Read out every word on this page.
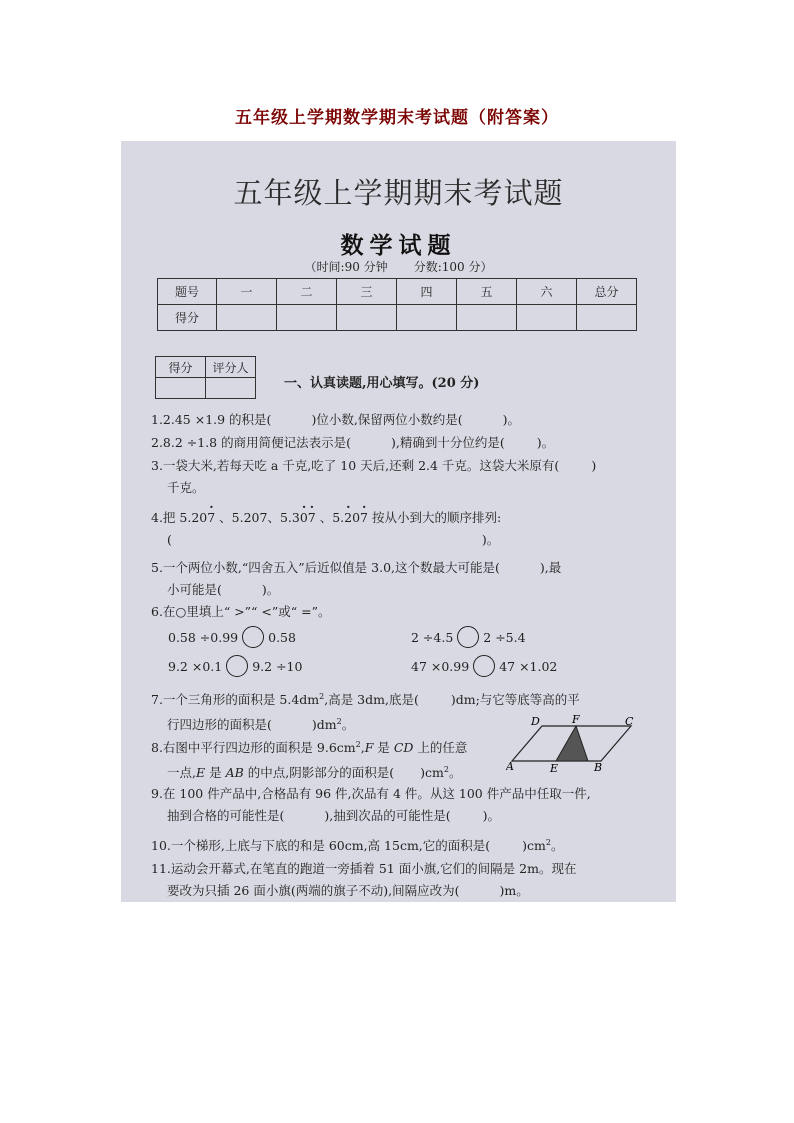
五年级上学期数学期末考试题（附答案）
五年级上学期期末考试题
数学试题
（时间:90 分钟 分数:100 分）
题号	一	二	三	四	五	六	总分
得分							
得分	评分人

一、认真读题,用心填写。(20 分)
1.2.45 ×1.9 的积是(	)位小数,保留两位小数约是(	)。
2.8.2 ÷1.8 的商用简便记法表示是(	),精确到十分位约是(	)。
3.一袋大米,若每天吃 a 千克,吃了 10 天后,还剩 2.4 千克。这袋大米原有(	)
千克。
4.把 5.207 · 、5.207、5.30 ·7 · 、5.2 ·07 · 按从小到大的顺序排列:
(	)。
5.一个两位小数,“四舍五入”后近似值是 3.0,这个数最大可能是(	),最
小可能是(	)。
6.在○里填上“ >”“ <”或“ =”。
0.58 ÷0.99 0.58	2 ÷4.5 2 ÷5.4
9.2 ×0.1 9.2 ÷10	47 ×0.99 47 ×1.02
7.一个三角形的面积是 $5.4dm^2$,高是 3dm,底是(	)dm;与它等底等高的平
行四边形的面积是(	)$dm^2$。
8.右图中平行四边形的面积是 $9.6cm^2,F$ 是 CD 上的任意
一点,E 是 AB 的中点,阴影部分的面积是( )$cm^2$。
D	F	C
A	E	B
9.在 100 件产品中,合格品有 96 件,次品有 4 件。从这 100 件产品中任取一件,
抽到合格的可能性是(	),抽到次品的可能性是(	)。
10.一个梯形,上底与下底的和是 60cm,高 15cm,它的面积是(	)$cm^2$。
11.运动会开幕式,在笔直的跑道一旁插着 51 面小旗,它们的间隔是 2m。现在
要改为只插 26 面小旗(两端的旗子不动),间隔应改为(	)m。
